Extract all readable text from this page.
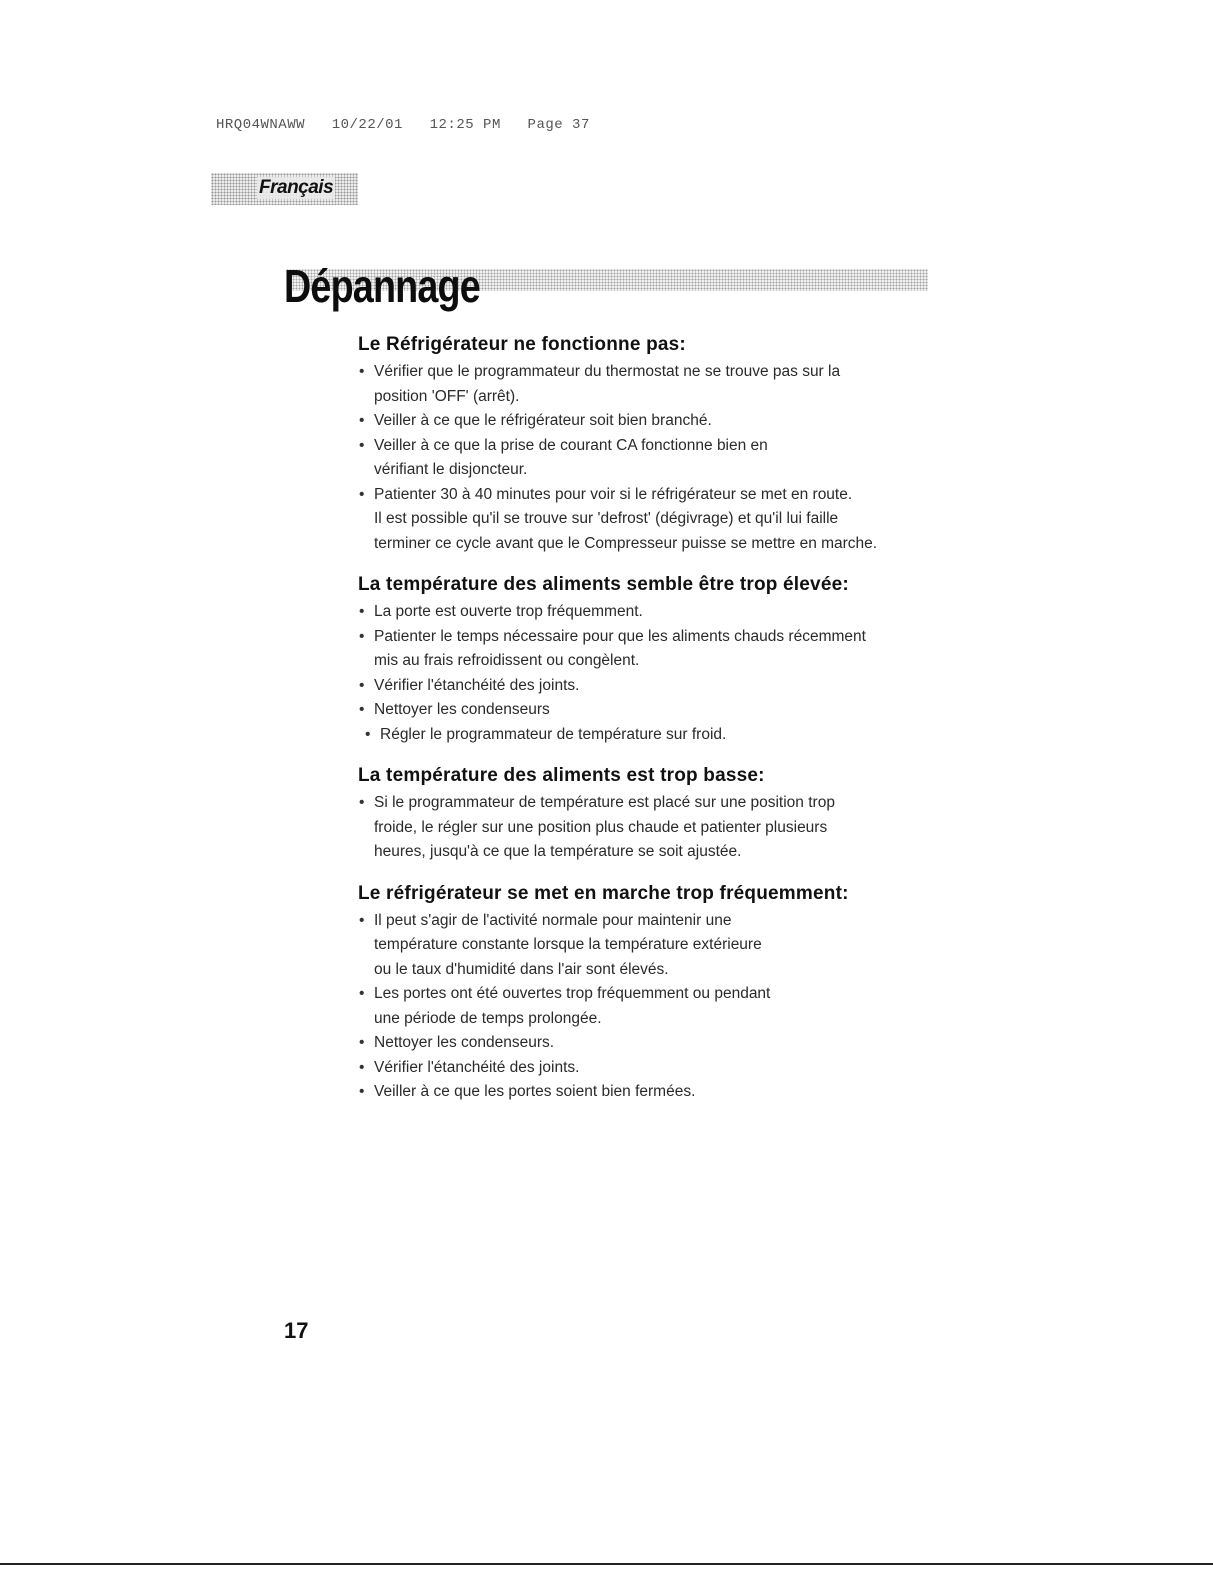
HRQ04WNAWW   10/22/01   12:25 PM   Page 37
Français
Dépannage
Le Réfrigérateur ne fonctionne pas:
• Vérifier que le programmateur du thermostat ne se trouve pas sur la
position 'OFF' (arrêt).
• Veiller à ce que le réfrigérateur soit bien branché.
• Veiller à ce que la prise de courant CA fonctionne bien en
vérifiant le disjoncteur.
• Patienter 30 à 40 minutes pour voir si le réfrigérateur se met en route.
Il est possible qu'il se trouve sur 'defrost' (dégivrage) et qu'il lui faille
terminer ce cycle avant que le Compresseur puisse se mettre en marche.
La température des aliments semble être trop élevée:
• La porte est ouverte trop fréquemment.
• Patienter le temps nécessaire pour que les aliments chauds récemment
mis au frais refroidissent ou congèlent.
• Vérifier l'étanchéité des joints.
• Nettoyer les condenseurs
• Régler le programmateur de température sur froid.
La température des aliments est trop basse:
• Si le programmateur de température est placé sur une position trop
froide, le régler sur une position plus chaude et patienter plusieurs
heures, jusqu'à ce que la température se soit ajustée.
Le réfrigérateur se met en marche trop fréquemment:
• Il peut s'agir de l'activité normale pour maintenir une
température constante lorsque la température extérieure
ou le taux d'humidité dans l'air sont élevés.
• Les portes ont été ouvertes trop fréquemment ou pendant
une période de temps prolongée.
• Nettoyer les condenseurs.
• Vérifier l'étanchéité des joints.
• Veiller à ce que les portes soient bien fermées.
17
